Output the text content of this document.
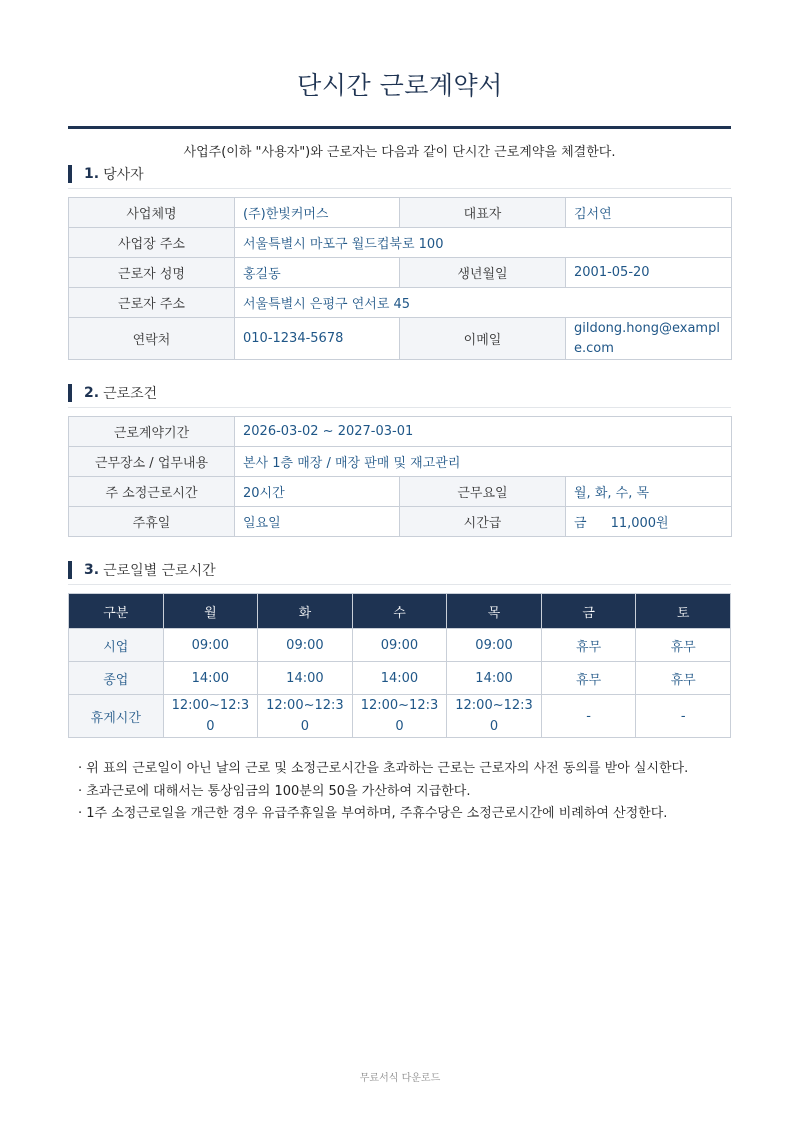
단시간 근로계약서
사업주(이하 "사용자")와 근로자는 다음과 같이 단시간 근로계약을 체결한다.
1. 당사자
사업체명	(주)한빛커머스	대표자	김서연
사업장 주소	서울특별시 마포구 월드컵북로 100		
근로자 성명	홍길동	생년월일	2001-05-20
근로자 주소	서울특별시 은평구 연서로 45		
연락처	010-1234-5678	이메일	gildong.hong@example.com
2. 근로조건
근로계약기간	2026-03-02 ~ 2027-03-01		
근무장소 / 업무내용	본사 1층 매장 / 매장 판매 및 재고관리		
주 소정근로시간	20시간	근무요일	월, 화, 수, 목
주휴일	일요일	시간급	금 11,000원
3. 근로일별 근로시간
구분	월	화	수	목	금	토
시업	09:00	09:00	09:00	09:00	휴무	휴무
종업	14:00	14:00	14:00	14:00	휴무	휴무
휴게시간	12:00~12:30	12:00~12:30	12:00~12:30	12:00~12:30	-	-
· 위 표의 근로일이 아닌 날의 근로 및 소정근로시간을 초과하는 근로는 근로자의 사전 동의를 받아 실시한다.
· 초과근로에 대해서는 통상임금의 100분의 50을 가산하여 지급한다.
· 1주 소정근로일을 개근한 경우 유급주휴일을 부여하며, 주휴수당은 소정근로시간에 비례하여 산정한다.
무료서식 다운로드
